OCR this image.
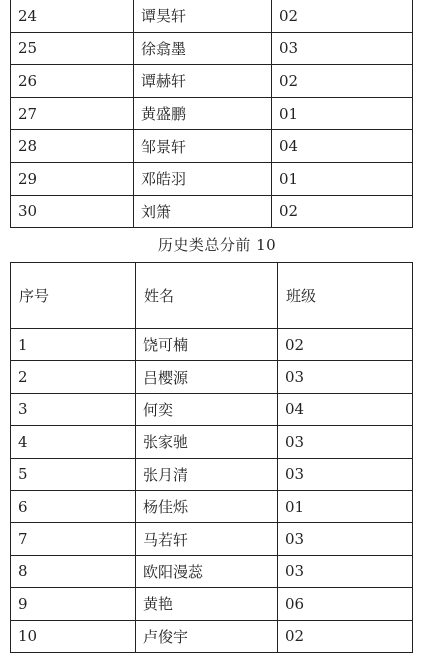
24	谭昊轩	02
25	徐翕墨	03
26	谭赫轩	02
27	黄盛鹏	01
28	邹景轩	04
29	邓皓羽	01
30	刘箫	02
历史类总分前 10
序号	姓名	班级
1	饶可楠	02
2	吕樱源	03
3	何奕	04
4	张家驰	03
5	张月清	03
6	杨佳烁	01
7	马若轩	03
8	欧阳漫蕊	03
9	黄艳	06
10	卢俊宇	02
